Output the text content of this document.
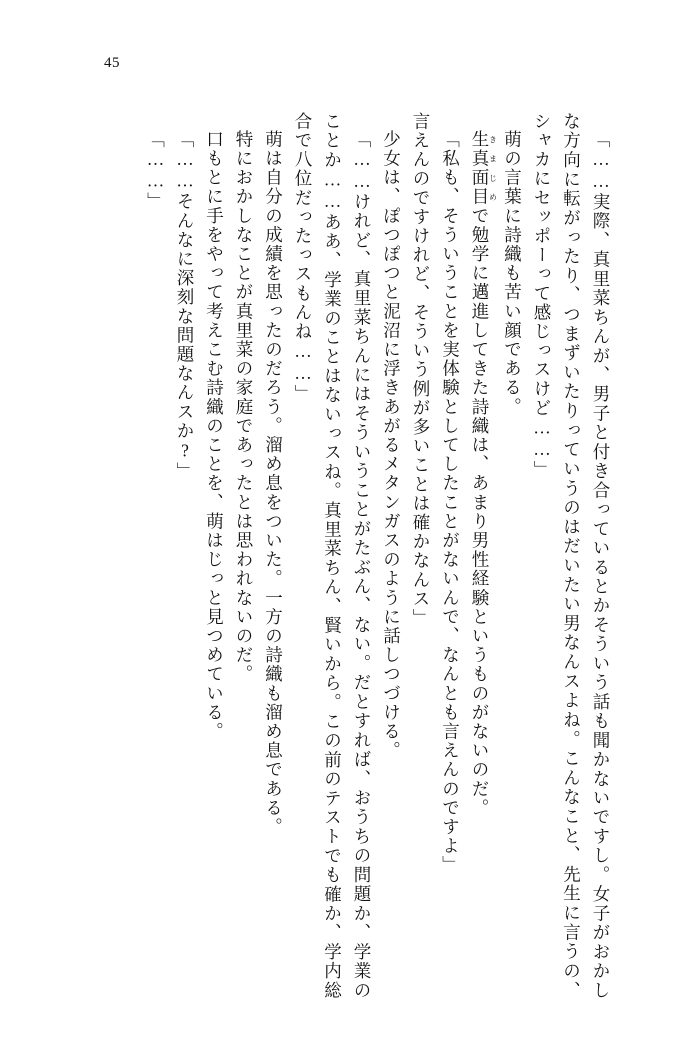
45

「……実際、真里菜ちんが、男子と付き合っているとかそういう話も聞かないですし。女子がおかしな方向に転がったり、つまずいたりっていうのはだいたい男なんスよね。こんなこと、先生に言うの、シャカにセッポーって感じっスけど……」

萌の言葉に詩織も苦い顔である。

生真面目きまじめで勉学に邁進してきた詩織は、あまり男性経験というものがないのだ。

「私も、そういうことを実体験としてしたことがないんで、なんとも言えんのですよ」

言えんのですけれど、そういう例が多いことは確かなんス」

少女は、ぽつぽつと泥沼に浮きあがるメタンガスのように話しつづける。

「……けれど、真里菜ちんにはそういうことがたぶん、ない。だとすれば、おうちの問題か、学業のことか……ああ、学業のことはないっスね。真里菜ちん、賢いから。この前のテストでも確か、学内総合で八位だったっスもんね……」

萌は自分の成績を思ったのだろう。溜め息をついた。一方の詩織も溜め息である。

特におかしなことが真里菜の家庭であったとは思われないのだ。

口もとに手をやって考えこむ詩織のことを、萌はじっと見つめている。

「……そんなに深刻な問題なんスか?」

「……」
